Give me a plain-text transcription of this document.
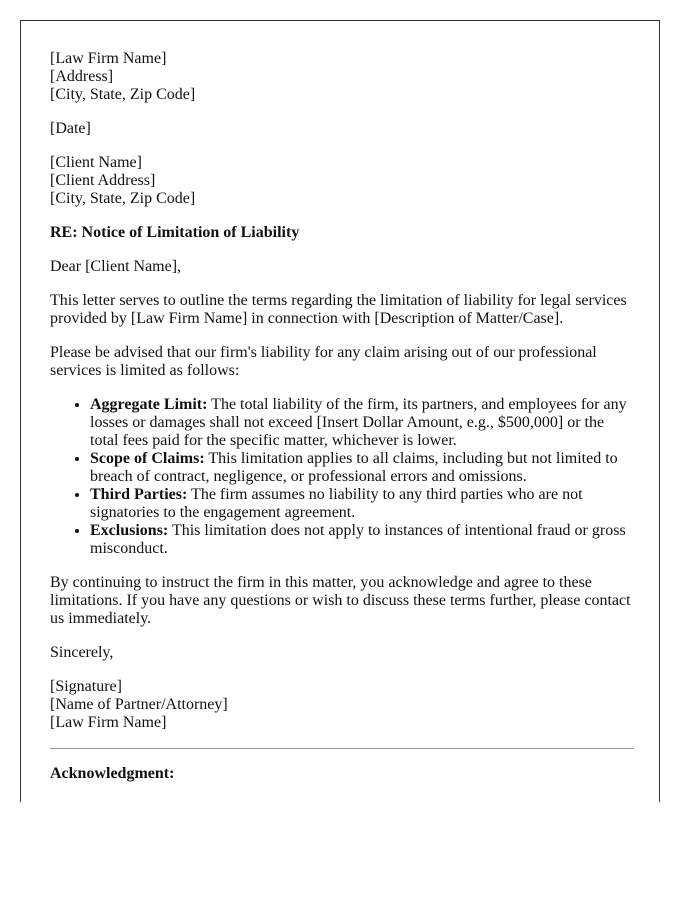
[Law Firm Name]
[Address]
[City, State, Zip Code]

[Date]

[Client Name]
[Client Address]
[City, State, Zip Code]

RE: Notice of Limitation of Liability

Dear [Client Name],

This letter serves to outline the terms regarding the limitation of liability for legal services provided by [Law Firm Name] in connection with [Description of Matter/Case].

Please be advised that our firm's liability for any claim arising out of our professional services is limited as follows:

• Aggregate Limit: The total liability of the firm, its partners, and employees for any losses or damages shall not exceed [Insert Dollar Amount, e.g., $500,000] or the total fees paid for the specific matter, whichever is lower.
• Scope of Claims: This limitation applies to all claims, including but not limited to breach of contract, negligence, or professional errors and omissions.
• Third Parties: The firm assumes no liability to any third parties who are not signatories to the engagement agreement.
• Exclusions: This limitation does not apply to instances of intentional fraud or gross misconduct.

By continuing to instruct the firm in this matter, you acknowledge and agree to these limitations. If you have any questions or wish to discuss these terms further, please contact us immediately.

Sincerely,

[Signature]
[Name of Partner/Attorney]
[Law Firm Name]

Acknowledgment:
